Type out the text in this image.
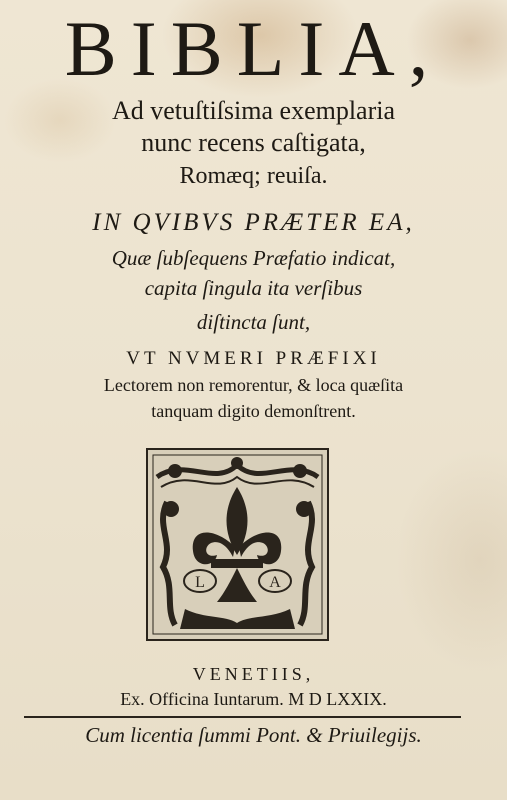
BIBLIA,
Ad vetuſtiſsima exemplaria
nunc recens caſtigata,
Romæq; reuiſa.
IN QVIBVS PRÆTER EA,
Quæ ſubſequens Præfatio indicat,
capita ſingula ita verſibus
diſtincta ſunt,
VT NVMERI PRÆFIXI
Lectorem non remorentur, & loca quæſita
tanquam digito demonſtrent.
L	A
VENETIIS,
Ex. Officina Iuntarum. M D LXXIX.
Cum licentia ſummi Pont. & Priuilegijs.
